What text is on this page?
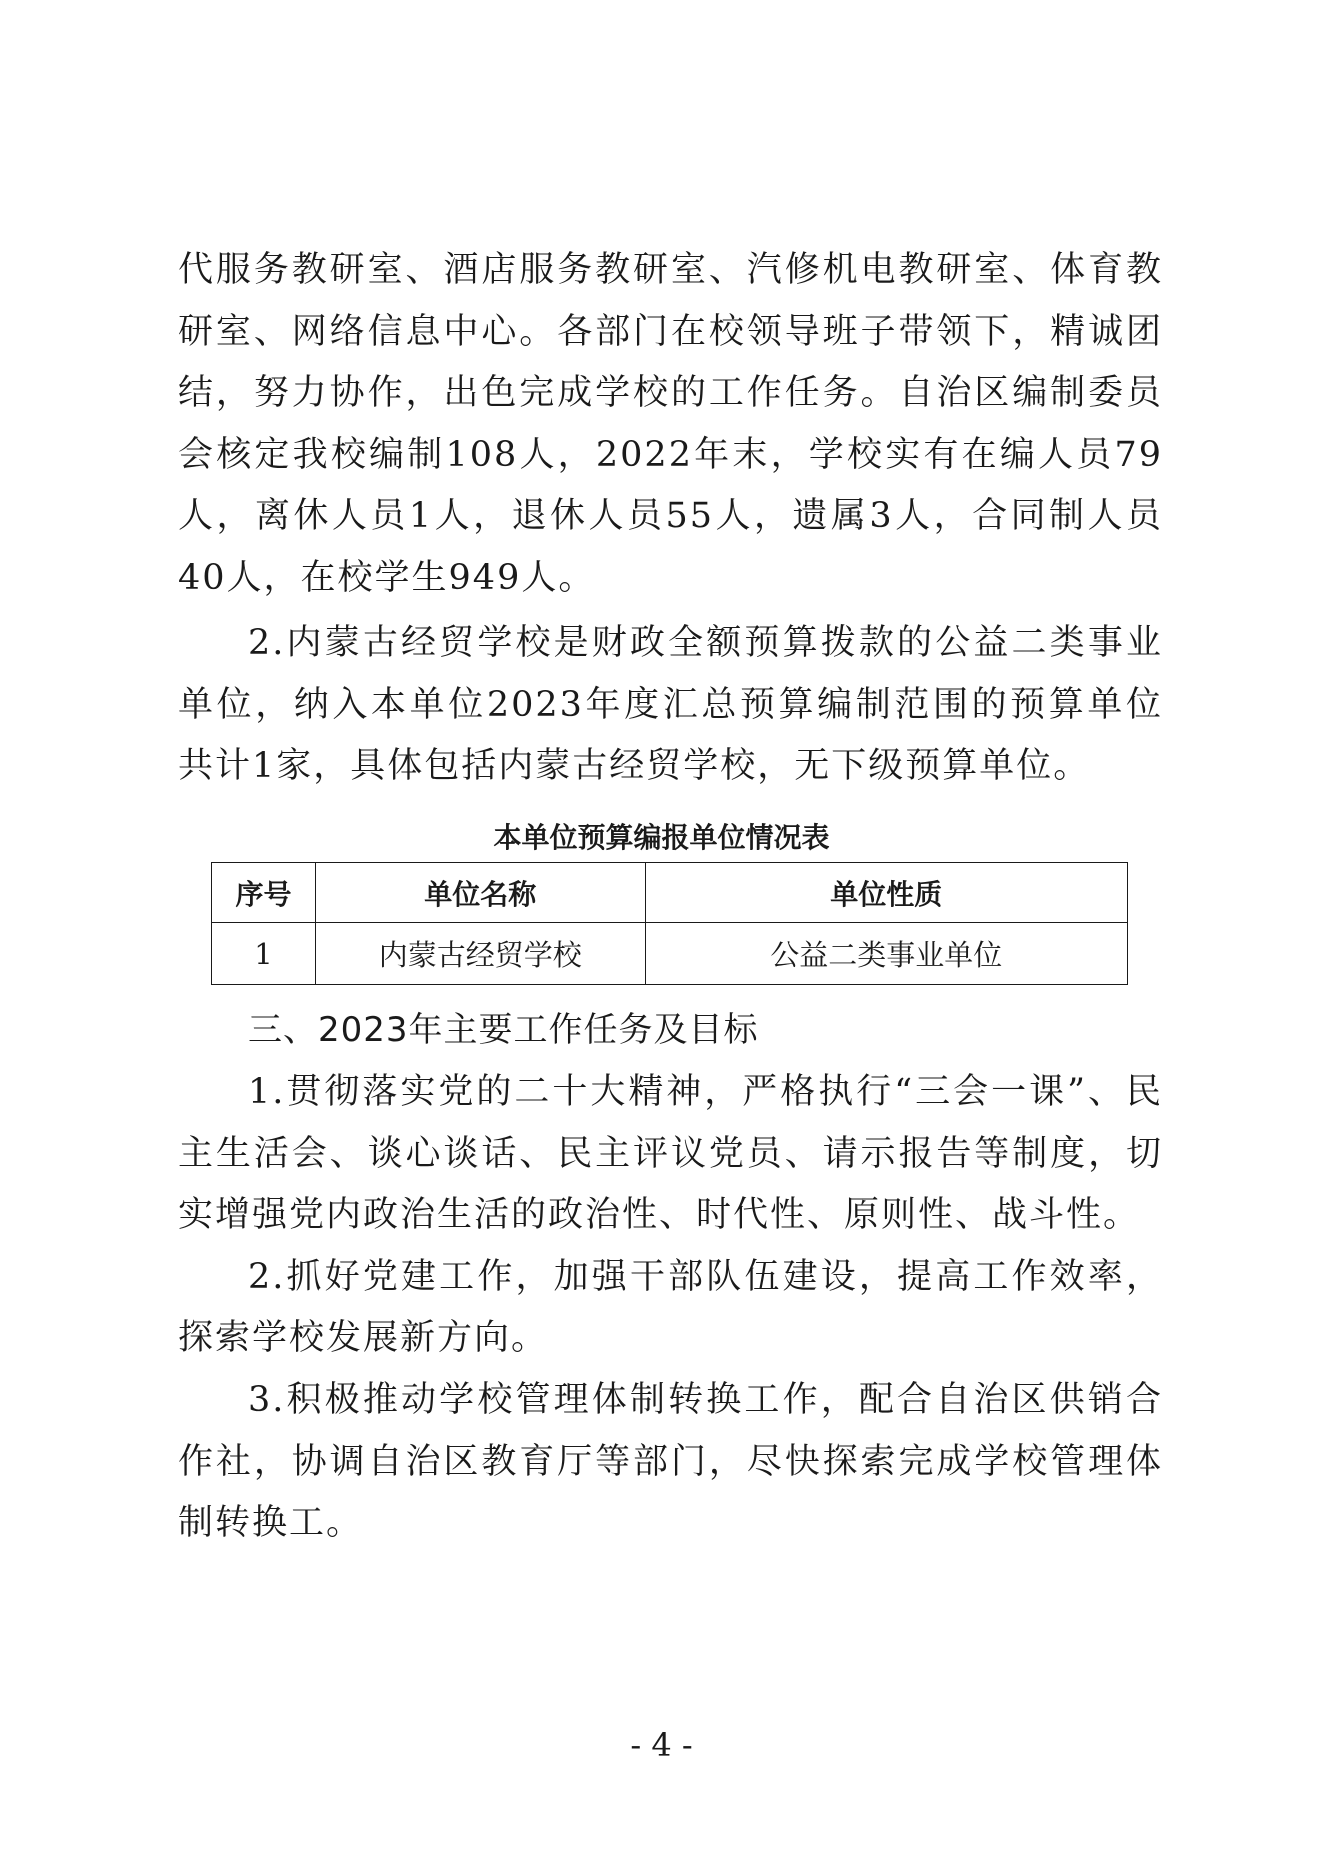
代服务教研室、酒店服务教研室、汽修机电教研室、体育教研室、网络信息中心。各部门在校领导班子带领下，精诚团结，努力协作，出色完成学校的工作任务。自治区编制委员会核定我校编制108人，2022年末，学校实有在编人员79人，离休人员1人，退休人员55人，遗属3人，合同制人员40人，在校学生949人。
2.内蒙古经贸学校是财政全额预算拨款的公益二类事业单位，纳入本单位2023年度汇总预算编制范围的预算单位共计1家，具体包括内蒙古经贸学校，无下级预算单位。
本单位预算编报单位情况表
序号	单位名称	单位性质
1	内蒙古经贸学校	公益二类事业单位
三、2023年主要工作任务及目标

1.贯彻落实党的二十大精神，严格执行“三会一课”、民主生活会、谈心谈话、民主评议党员、请示报告等制度，切实增强党内政治生活的政治性、时代性、原则性、战斗性。

2.抓好党建工作，加强干部队伍建设，提高工作效率，探索学校发展新方向。

3.积极推动学校管理体制转换工作，配合自治区供销合作社，协调自治区教育厅等部门，尽快探索完成学校管理体制转换工。

- 4 -
